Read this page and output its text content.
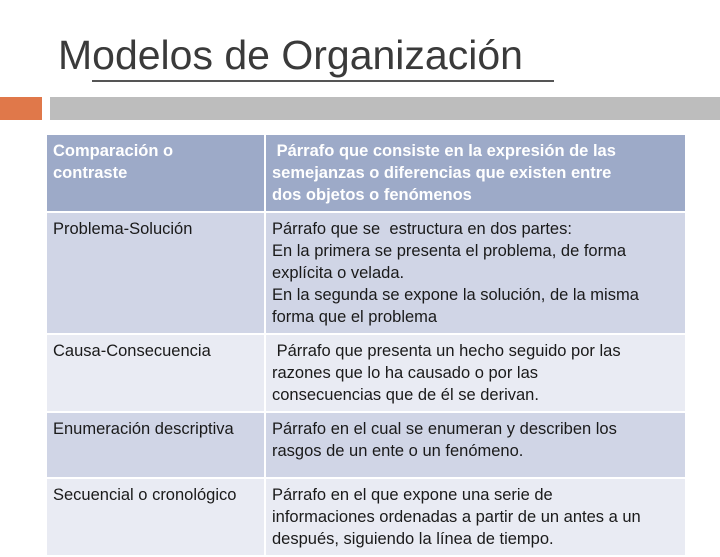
Modelos de Organización
Comparación o
contraste	Párrafo que consiste en la expresión de las
semejanzas o diferencias que existen entre
dos objetos o fenómenos

Problema-Solución	Párrafo que se  estructura en dos partes:
En la primera se presenta el problema, de forma
explícita o velada.
En la segunda se expone la solución, de la misma
forma que el problema

Causa-Consecuencia	Párrafo que presenta un hecho seguido por las
razones que lo ha causado o por las
consecuencias que de él se derivan.

Enumeración descriptiva	Párrafo en el cual se enumeran y describen los
rasgos de un ente o un fenómeno.

Secuencial o cronológico	Párrafo en el que expone una serie de
informaciones ordenadas a partir de un antes a un
después, siguiendo la línea de tiempo.
